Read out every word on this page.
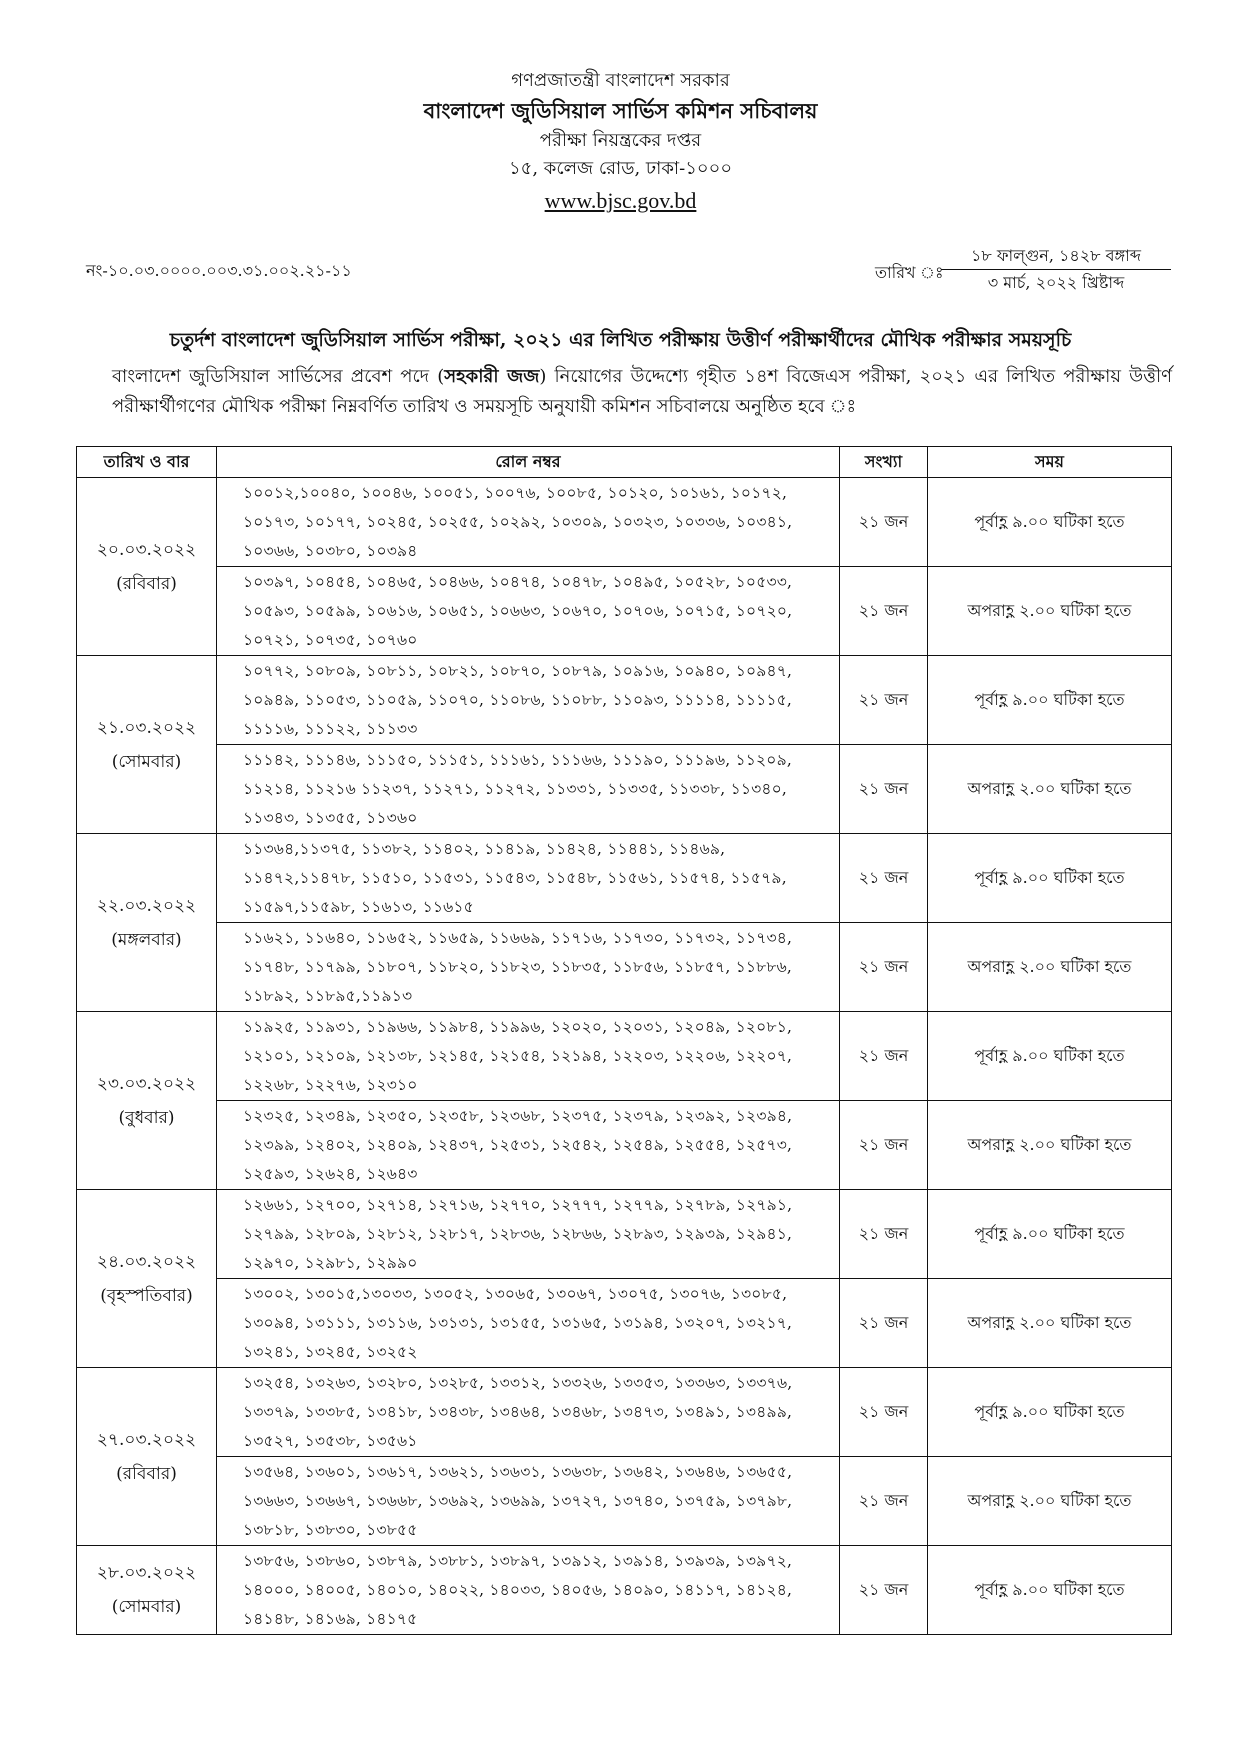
গণপ্রজাতন্ত্রী বাংলাদেশ সরকার
বাংলাদেশ জুডিসিয়াল সার্ভিস কমিশন সচিবালয়
পরীক্ষা নিয়ন্ত্রকের দপ্তর
১৫, কলেজ রোড, ঢাকা-১০০০
www.bjsc.gov.bd
নং-১০.০৩.০০০০.০০৩.৩১.০০২.২১-১১	তারিখ ঃ
১৮ ফাল্গুন, ১৪২৮ বঙ্গাব্দ
৩ মার্চ, ২০২২ খ্রিষ্টাব্দ
চতুর্দশ বাংলাদেশ জুডিসিয়াল সার্ভিস পরীক্ষা, ২০২১ এর লিখিত পরীক্ষায় উত্তীর্ণ পরীক্ষার্থীদের মৌখিক পরীক্ষার সময়সূচি
বাংলাদেশ জুডিসিয়াল সার্ভিসের প্রবেশ পদে (সহকারী জজ) নিয়োগের উদ্দেশ্যে গৃহীত ১৪শ বিজেএস পরীক্ষা, ২০২১ এর লিখিত পরীক্ষায় উত্তীর্ণ পরীক্ষার্থীগণের মৌখিক পরীক্ষা নিম্নবর্ণিত তারিখ ও সময়সূচি অনুযায়ী কমিশন সচিবালয়ে অনুষ্ঠিত হবে ঃ
তারিখ ও বার	রোল নম্বর	সংখ্যা	সময়

২০.০৩.২০২২
(রবিবার)	১০০১২,১০০৪০, ১০০৪৬, ১০০৫১, ১০০৭৬, ১০০৮৫, ১০১২০, ১০১৬১, ১০১৭২, ১০১৭৩, ১০১৭৭, ১০২৪৫, ১০২৫৫, ১০২৯২, ১০৩০৯, ১০৩২৩, ১০৩৩৬, ১০৩৪১, ১০৩৬৬, ১০৩৮০, ১০৩৯৪	২১ জন	পূর্বাহ্ণ ৯.০০ ঘটিকা হতে
	১০৩৯৭, ১০৪৫৪, ১০৪৬৫, ১০৪৬৬, ১০৪৭৪, ১০৪৭৮, ১০৪৯৫, ১০৫২৮, ১০৫৩৩, ১০৫৯৩, ১০৫৯৯, ১০৬১৬, ১০৬৫১, ১০৬৬৩, ১০৬৭০, ১০৭০৬, ১০৭১৫, ১০৭২০, ১০৭২১, ১০৭৩৫, ১০৭৬০	২১ জন	অপরাহ্ণ ২.০০ ঘটিকা হতে

২১.০৩.২০২২
(সোমবার)	১০৭৭২, ১০৮০৯, ১০৮১১, ১০৮২১, ১০৮৭০, ১০৮৭৯, ১০৯১৬, ১০৯৪০, ১০৯৪৭, ১০৯৪৯, ১১০৫৩, ১১০৫৯, ১১০৭০, ১১০৮৬, ১১০৮৮, ১১০৯৩, ১১১১৪, ১১১১৫, ১১১১৬, ১১১২২, ১১১৩৩	২১ জন	পূর্বাহ্ণ ৯.০০ ঘটিকা হতে
	১১১৪২, ১১১৪৬, ১১১৫০, ১১১৫১, ১১১৬১, ১১১৬৬, ১১১৯০, ১১১৯৬, ১১২০৯, ১১২১৪, ১১২১৬ ১১২৩৭, ১১২৭১, ১১২৭২, ১১৩৩১, ১১৩৩৫, ১১৩৩৮, ১১৩৪০, ১১৩৪৩, ১১৩৫৫, ১১৩৬০	২১ জন	অপরাহ্ণ ২.০০ ঘটিকা হতে

২২.০৩.২০২২
(মঙ্গলবার)	১১৩৬৪,১১৩৭৫, ১১৩৮২, ১১৪০২, ১১৪১৯, ১১৪২৪, ১১৪৪১, ১১৪৬৯, ১১৪৭২,১১৪৭৮, ১১৫১০, ১১৫৩১, ১১৫৪৩, ১১৫৪৮, ১১৫৬১, ১১৫৭৪, ১১৫৭৯, ১১৫৯৭,১১৫৯৮, ১১৬১৩, ১১৬১৫	২১ জন	পূর্বাহ্ণ ৯.০০ ঘটিকা হতে
	১১৬২১, ১১৬৪০, ১১৬৫২, ১১৬৫৯, ১১৬৬৯, ১১৭১৬, ১১৭৩০, ১১৭৩২, ১১৭৩৪, ১১৭৪৮, ১১৭৯৯, ১১৮০৭, ১১৮২০, ১১৮২৩, ১১৮৩৫, ১১৮৫৬, ১১৮৫৭, ১১৮৮৬, ১১৮৯২, ১১৮৯৫,১১৯১৩	২১ জন	অপরাহ্ণ ২.০০ ঘটিকা হতে

২৩.০৩.২০২২
(বুধবার)	১১৯২৫, ১১৯৩১, ১১৯৬৬, ১১৯৮৪, ১১৯৯৬, ১২০২০, ১২০৩১, ১২০৪৯, ১২০৮১, ১২১০১, ১২১০৯, ১২১৩৮, ১২১৪৫, ১২১৫৪, ১২১৯৪, ১২২০৩, ১২২০৬, ১২২০৭, ১২২৬৮, ১২২৭৬, ১২৩১০	২১ জন	পূর্বাহ্ণ ৯.০০ ঘটিকা হতে
	১২৩২৫, ১২৩৪৯, ১২৩৫০, ১২৩৫৮, ১২৩৬৮, ১২৩৭৫, ১২৩৭৯, ১২৩৯২, ১২৩৯৪, ১২৩৯৯, ১২৪০২, ১২৪০৯, ১২৪৩৭, ১২৫৩১, ১২৫৪২, ১২৫৪৯, ১২৫৫৪, ১২৫৭৩, ১২৫৯৩, ১২৬২৪, ১২৬৪৩	২১ জন	অপরাহ্ণ ২.০০ ঘটিকা হতে

২৪.০৩.২০২২
(বৃহস্পতিবার)	১২৬৬১, ১২৭০০, ১২৭১৪, ১২৭১৬, ১২৭৭০, ১২৭৭৭, ১২৭৭৯, ১২৭৮৯, ১২৭৯১, ১২৭৯৯, ১২৮০৯, ১২৮১২, ১২৮১৭, ১২৮৩৬, ১২৮৬৬, ১২৮৯৩, ১২৯৩৯, ১২৯৪১, ১২৯৭০, ১২৯৮১, ১২৯৯০	২১ জন	পূর্বাহ্ণ ৯.০০ ঘটিকা হতে
	১৩০০২, ১৩০১৫,১৩০৩৩, ১৩০৫২, ১৩০৬৫, ১৩০৬৭, ১৩০৭৫, ১৩০৭৬, ১৩০৮৫, ১৩০৯৪, ১৩১১১, ১৩১১৬, ১৩১৩১, ১৩১৫৫, ১৩১৬৫, ১৩১৯৪, ১৩২০৭, ১৩২১৭, ১৩২৪১, ১৩২৪৫, ১৩২৫২	২১ জন	অপরাহ্ণ ২.০০ ঘটিকা হতে

২৭.০৩.২০২২
(রবিবার)	১৩২৫৪, ১৩২৬৩, ১৩২৮০, ১৩২৮৫, ১৩৩১২, ১৩৩২৬, ১৩৩৫৩, ১৩৩৬৩, ১৩৩৭৬, ১৩৩৭৯, ১৩৩৮৫, ১৩৪১৮, ১৩৪৩৮, ১৩৪৬৪, ১৩৪৬৮, ১৩৪৭৩, ১৩৪৯১, ১৩৪৯৯, ১৩৫২৭, ১৩৫৩৮, ১৩৫৬১	২১ জন	পূর্বাহ্ণ ৯.০০ ঘটিকা হতে
	১৩৫৬৪, ১৩৬০১, ১৩৬১৭, ১৩৬২১, ১৩৬৩১, ১৩৬৩৮, ১৩৬৪২, ১৩৬৪৬, ১৩৬৫৫, ১৩৬৬৩, ১৩৬৬৭, ১৩৬৬৮, ১৩৬৯২, ১৩৬৯৯, ১৩৭২৭, ১৩৭৪০, ১৩৭৫৯, ১৩৭৯৮, ১৩৮১৮, ১৩৮৩০, ১৩৮৫৫	২১ জন	অপরাহ্ণ ২.০০ ঘটিকা হতে

২৮.০৩.২০২২
(সোমবার)	১৩৮৫৬, ১৩৮৬০, ১৩৮৭৯, ১৩৮৮১, ১৩৮৯৭, ১৩৯১২, ১৩৯১৪, ১৩৯৩৯, ১৩৯৭২, ১৪০০০, ১৪০০৫, ১৪০১০, ১৪০২২, ১৪০৩৩, ১৪০৫৬, ১৪০৯০, ১৪১১৭, ১৪১২৪, ১৪১৪৮, ১৪১৬৯, ১৪১৭৫	২১ জন	পূর্বাহ্ণ ৯.০০ ঘটিকা হতে
